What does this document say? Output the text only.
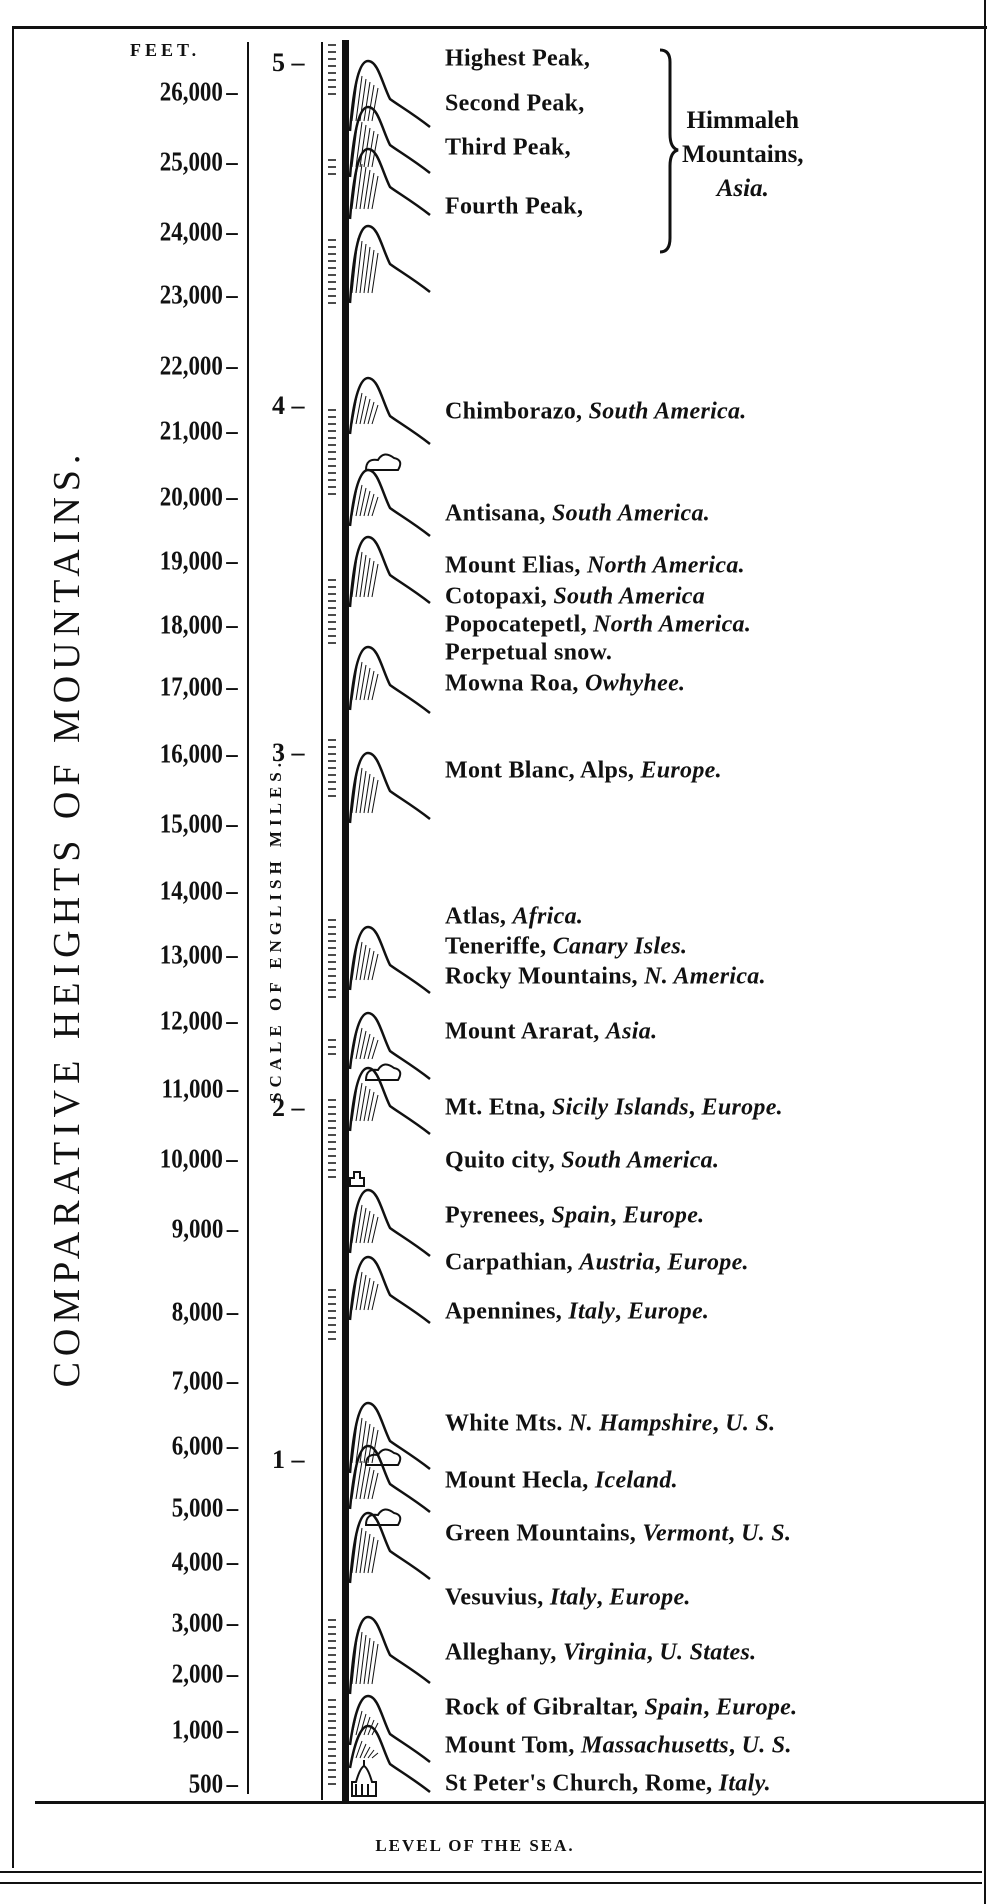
COMPARATIVE HEIGHTS OF MOUNTAINS.
FEET.
SCALE OF ENGLISH MILES.
26,000 –
25,000 –
24,000 –
23,000 –
22,000 –
21,000 –
20,000 –
19,000 –
18,000 –
17,000 –
16,000 –
15,000 –
14,000 –
13,000 –
12,000 –
11,000 –
10,000 –
9,000 –
8,000 –
7,000 –
6,000 –
5,000 –
4,000 –
3,000 –
2,000 –
1,000 –
500 –
5 –
4 –
3 –
2 –
1 –
Highest Peak,
Second Peak,
Third Peak,
Fourth Peak,
Chimborazo, South America.
Antisana, South America.
Mount Elias, North America.
Cotopaxi, South America
Popocatepetl, North America.
Perpetual snow.
Mowna Roa, Owhyhee.
Mont Blanc, Alps, Europe.
Atlas, Africa.
Teneriffe, Canary Isles.
Rocky Mountains, N. America.
Mount Ararat, Asia.
Mt. Etna, Sicily Islands, Europe.
Quito city, South America.
Pyrenees, Spain, Europe.
Carpathian, Austria, Europe.
Apennines, Italy, Europe.
White Mts. N. Hampshire, U. S.
Mount Hecla, Iceland.
Green Mountains, Vermont, U. S.
Vesuvius, Italy, Europe.
Alleghany, Virginia, U. States.
Rock of Gibraltar, Spain, Europe.
Mount Tom, Massachusetts, U. S.
St Peter's Church, Rome, Italy.
Himmaleh
Mountains,
Asia.
LEVEL OF THE SEA.
